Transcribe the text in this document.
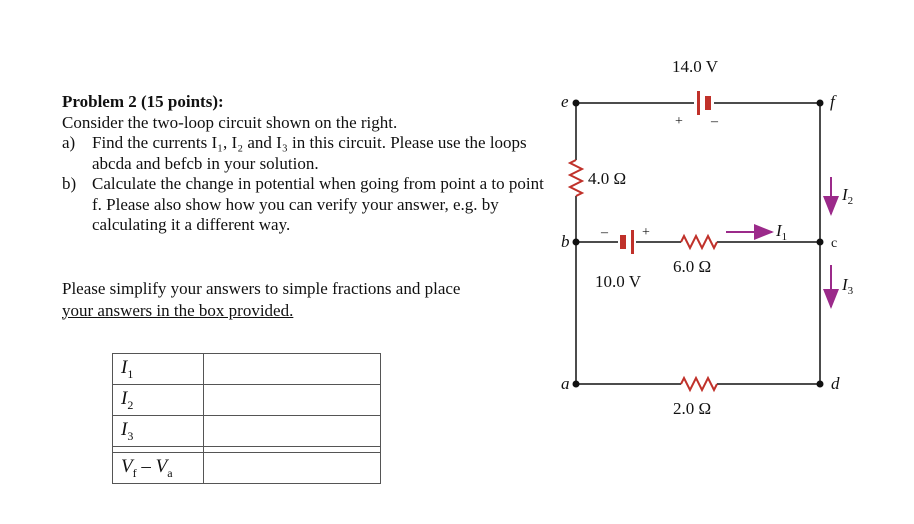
Problem 2 (15 points):
Consider the two-loop circuit shown on the right.
a) Find the currents I₁, I₂ and I₃ in this circuit. Please use the loops abcda and befcb in your solution.
b) Calculate the change in potential when going from point a to point f. Please also show how you can verify your answer, e.g. by calculating it a different way.
Please simplify your answers to simple fractions and place
your answers in the box provided.
$I_1$	
$I_2$	
$I_3$	

$V_f - V_a$	
e	f
b	c
a	d
14.0 V
+ –
4.0 Ω
– +
10.0 V
6.0 Ω
2.0 Ω
$I_1$
$I_2$
$I_3$
